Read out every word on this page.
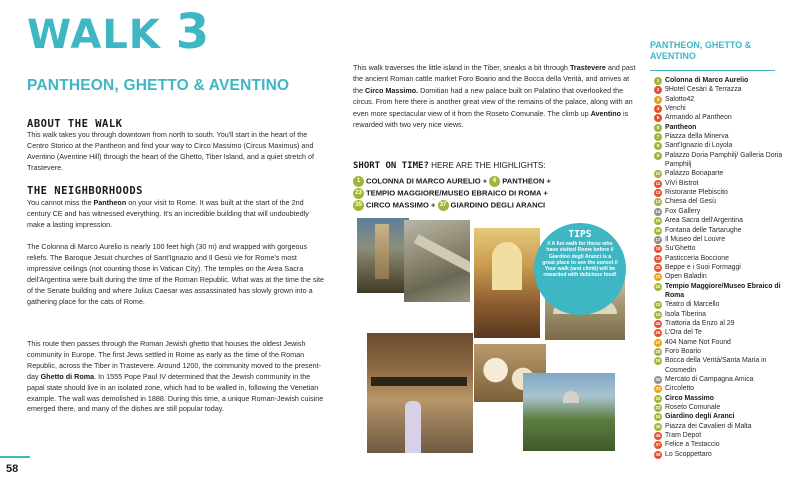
WALK 3
PANTHEON, GHETTO & AVENTINO
ABOUT THE WALK
This walk takes you through downtown from north to south. You'll start in the heart of the Centro Storico at the Pantheon and find your way to Circo Massimo (Circus Maximus) and Aventino (Aventine Hill) through the heart of the Ghetto, Tiber Island, and a quiet stretch of Trastevere.
THE NEIGHBORHOODS
You cannot miss the Pantheon on your visit to Rome. It was built at the start of the 2nd century CE and has witnessed everything. It's an incredible building that will undoubtedly make a lasting impression.
The Colonna di Marco Aurelio is nearly 100 feet high (30 m) and wrapped with gorgeous reliefs. The Baroque Jesuit churches of Sant'Ignazio and Il Gesù vie for Rome's most impressive ceilings (not counting those in Vatican City). The temples on the Area Sacra dell'Argentina were built during the time of the Roman Republic. What was at the time the site of the Senate building and where Julius Caesar was assassinated has slowly grown into a gathering place for the cats of Rome.
This route then passes through the Roman Jewish ghetto that houses the oldest Jewish community in Europe. The first Jews settled in Rome as early as the time of the Roman Republic, across the Tiber in Trastevere. Around 1200, the community moved to the present-day Ghetto di Roma. In 1555 Pope Paul IV determined that the Jewish community in the papal state should live in an isolated zone, which had to be walled in, following the Venetian example. The wall was demolished in 1888. During this time, a unique Roman-Jewish cuisine emerged there, and many of the dishes are still popular today.
58
This walk traverses the little island in the Tiber, sneaks a bit through Trastevere and past the ancient Roman cattle market Foro Boario and the Bocca della Verità, and arrives at the Circo Massimo. Domitian had a new palace built on Palatino that overlooked the circus. From here there is another great view of the remains of the palace, along with an even more spectacular view of it from the Roseto Comunale. The climb up Aventino is rewarded with two very nice views.
SHORT ON TIME? HERE ARE THE HIGHLIGHTS:
1 COLONNA DI MARCO AURELIO + 6 PANTHEON +
23 TEMPIO MAGGIORE/MUSEO EBRAICO DI ROMA +
35 CIRCO MASSIMO + 37 GIARDINO DEGLI ARANCI
TIPS
// A fun walk for those who have visited Rome before // Giardino degli Aranci is a great place to see the sunset // Your walk (and climb) will be rewarded with delicious food!
PANTHEON, GHETTO & AVENTINO
1 Colonna di Marco Aurelio
2 9Hotel Cesàri & Terrazza
3 Salotto42
4 Venchi
5 Armando al Pantheon
6 Pantheon
7 Piazza della Minerva
8 Sant'Ignazio di Loyola
9 Palazzo Doria Pamphilj/ Galleria Doria Pamphilj
10 Palazzo Bonaparte
11 ViVi Bistrot
12 Ristorante Plebiscito
13 Chiesa del Gesù
14 Fox Gallery
15 Area Sacra dell'Argentina
16 Fontana delle Tartarughe
17 Il Museo del Louvre
18 Su'Ghetto
19 Pasticceria Boccione
20 Beppe e i Suoi Formaggi
21 Open Baladin
22 Tempio Maggiore/Museo Ebraico di Roma
23 Teatro di Marcello
24 Isola Tiberina
25 Trattoria da Enzo al 29
26 L'Ora del Te
27 404 Name Not Found
28 Foro Boario
29 Bocca della Verità/Santa Maria in Cosmedin
30 Mercato di Campagna Amica
31 Circoletto
32 Circo Massimo
33 Roseto Comunale
34 Giardino degli Aranci
35 Piazza dei Cavalieri di Malta
36 Tram Depot
37 Felice a Testaccio
38 Lo Scoppettaro
